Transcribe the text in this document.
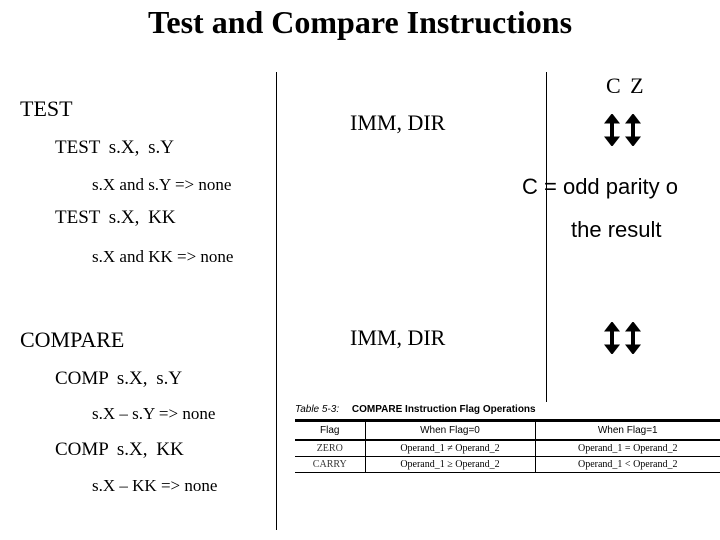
Test and Compare Instructions
C Z
TEST
TEST s.X, s.Y
s.X and s.Y => none
TEST s.X, KK
s.X and KK => none
IMM, DIR
C = odd parity o
the result
COMPARE
COMP s.X, s.Y
s.X – s.Y => none
COMP s.X, KK
s.X – KK => none
IMM, DIR
Table 5-3: COMPARE Instruction Flag Operations
Flag	When Flag=0	When Flag=1
ZERO	Operand_1 ≠ Operand_2	Operand_1 = Operand_2
CARRY	Operand_1 ≥ Operand_2	Operand_1 < Operand_2
